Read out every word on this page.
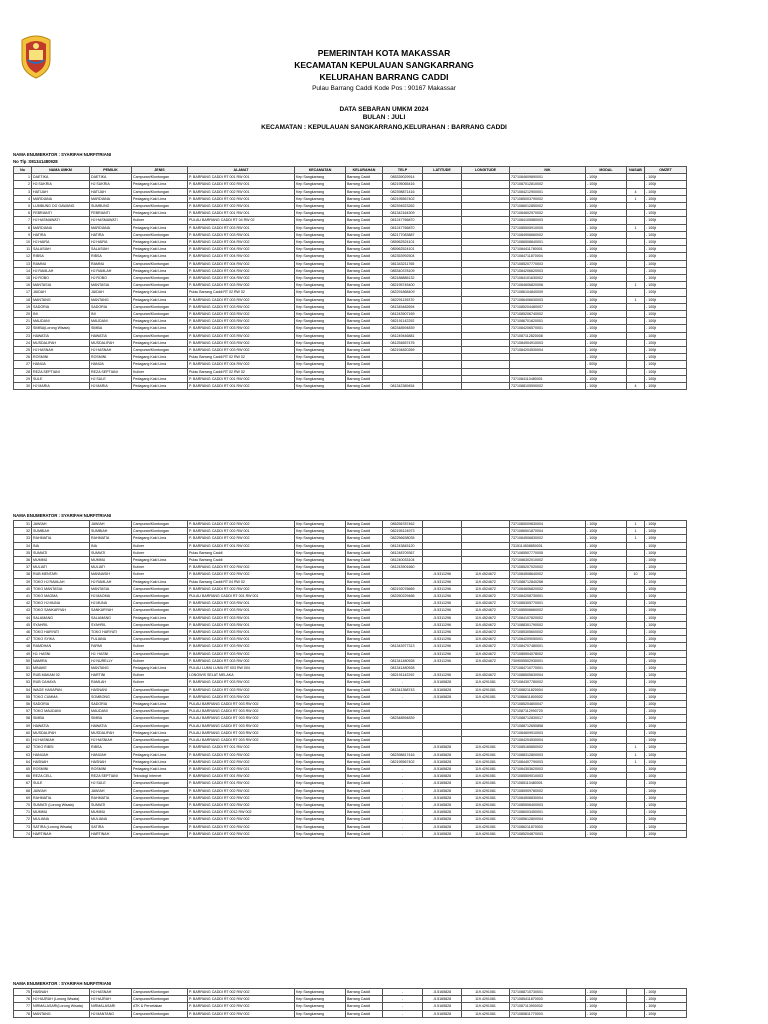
PEMERINTAH KOTA MAKASSAR
KECAMATAN KEPULAUAN SANGKARRANG
KELURAHAN BARRANG CADDI
Pulau Barrang Caddi Kode Pos : 90167 Makassar
DATA SEBARAN UMKM 2024
BULAN : JULI
KECAMATAN : KEPULAUAN SANGKARRANG,KELURAHAN : BARRANG CADDI
NAMA ENUMERATOR : SYARIFAH NURFITRIANI
No Tlp :081341480928
No	NAMA UMKM	PEMILIK	JENIS	ALAMAT	KECAMATAN	KELURAHAN	TELP	LATITUDE	LONGITUDE	NIK	MODAL	NASAB	OMZET
1	DAETIKA	DAETIKA	Campuran/Klontongan	P. BARRANG CADDI RT 001 RW 001	Kep Sangkarrang	Barrang Caddi	085339029914			7371084609890001	- 100jt		- 100jt
2	HJ SUKRIA	HJ SUKRIA	Pedagang Kaki Lima	P. BARRANG CADDI RT 002 RW 001	Kep Sangkarrang	Barrang Caddi	082195065416			7371087012810002	- 100jt		- 100jt
3	HATIJAH	HATIJAH	Campuran/Klontongan	P. BARRANG CADDI RT 002 RW 001	Kep Sangkarrang	Barrang Caddi	082398871416			7371084212900001	- 100jt	4	- 100jt
4	MARDIANA	MARDIANA	Pedagang Kaki Lima	P. BARRANG CADDI RT 002 RW 001	Kep Sangkarrang	Barrang Caddi	082195567402			7371085003790002	- 100jt	1	- 100jt
5	LUMBUNG DG GAWANG	SUMBUNG	Campuran/Klontongan	P. BARRANG CADDI RT 002 RW 001	Kep Sangkarrang	Barrang Caddi	082394523262			7371086012850002	- 100jt		- 100jt
6	FEBRIANTI	FEBRIANTI	Pedagang Kaki Lima	P. BARRANG CADDI RT 001 RW 001	Kep Sangkarrang	Barrang Caddi	081342164309			7371084602970002	- 100jt		- 100jt
7	HJ HASMAWATI	HJ HASMAWATI	Kuliner	PULAU BARRANG CADDI RT 04 RW 02	Kep Sangkarrang	Barrang Caddi	081247766870			7371084105580003	- 100jt		- 100jt
8	MARDIANA	MARDIANA	Pedagang Kaki Lima	P. BARRANG CADDI RT 003 RW 001	Kep Sangkarrang	Barrang Caddi	081247766870			7371085505910005	- 100jt	1	- 100jt
9	HATIRA	HATIRA	Campuran/Klontongan	P. BARRANG CADDI RT 003 RW 001	Kep Sangkarrang	Barrang Caddi	082177083887			7371084906660002	- 100jt		- 100jt
10	HJ HAIRA	HJ HAIRA	Pedagang Kaki Lima	P. BARRANG CADDI RT 004 RW 002	Kep Sangkarrang	Barrang Caddi	085962524101			7371086508840001	- 100jt		- 100jt
11	SALASIAH	SALASIAH	Pedagang Kaki Lima	P. BARRANG CADDI RT 004 RW 002	Kep Sangkarrang	Barrang Caddi	085962524101			7371084411780001	- 100jt		- 100jt
12	RIBSA	RIBSA	Pedagang Kaki Lima	P. BARRANG CADDI RT 004 RW 002	Kep Sangkarrang	Barrang Caddi	082353992504			7371084711870004	- 100jt		- 100jt
13	RAMNU	RAMNU	Campuran/Klontongan	P. BARRANG CADDI RT 004 RW 002	Kep Sangkarrang	Barrang Caddi	081343211765			7371085207770003	- 100jt		- 100jt
14	HJ RAMLAH	HJ RAMLAH	Pedagang Kaki Lima	P. BARRANG CADDI RT 004 RW 002	Kep Sangkarrang	Barrang Caddi	085340378109			7371084206620003	- 100jt		- 100jt
15	HJ ROBO	HJ ROBO	Campuran/Klontongan	P. BARRANG CADDI RT 004 RW 002	Kep Sangkarrang	Barrang Caddi	082188886132			7371084101630002	- 100jt		- 100jt
16	MANTASIA	MANTASIA	Campuran/Klontongan	P. BARRANG CADDI RT 003 RW 002	Kep Sangkarrang	Barrang Caddi	082195745400			7371084606820006	- 100jt	1	- 100jt
17	JAIDAH	JAIDAH	Pedagang Kaki Lima	Pulau Barrang Caddi RT 02 RW 02	Kep Sangkarrang	Barrang Caddi	082291868409			7371086104840009	- 100jt		- 100jt
18	MANTANG	MANTANG	Pedagang Kaki Lima	P. BARRANG CADDI RT 003 RW 002	Kep Sangkarrang	Barrang Caddi	082291139370			7371086406630003	- 100jt	1	- 100jt
19	SADORIA	SADORIA	Campuran/Klontongan	P. BARRANG CADDI RT 003 RW 002	Kep Sangkarrang	Barrang Caddi	081345482694			7371085204480007	- 100jt		- 100jt
20	INI	INI	Campuran/Klontongan	P. BARRANG CADDI RT 003 RW 002	Kep Sangkarrang	Barrang Caddi	081243907169			7371085206740002	- 100jt		- 100jt
21	MAUDANI	MAUDANI	Pedagang Kaki Lima	P. BARRANG CADDI RT 003 RW 002	Kep Sangkarrang	Barrang Caddi	082191142292			7371086701620001	- 100jt		- 100jt
22	SIMBA(Lorong Wisata)	SIMBA	Pedagang Kaki Lima	P. BARRANG CADDI RT 003 RW 002	Kep Sangkarrang	Barrang Caddi	082348594839			7371084206570001	- 100jt		- 100jt
23	HAWATIA	HAWATIA	Campuran/Klontongan	P. BARRANG CADDI RT 003 RW 002	Kep Sangkarrang	Barrang Caddi	081249446881			7371087112820008	- 100jt		- 100jt
24	MUSDALIFAH	MUSDALIFAH	Pedagang Kaki Lima	P. BARRANG CADDI RT 003 RW 002	Kep Sangkarrang	Barrang Caddi	081254657476			7371084904910003	- 100jt		- 100jt
25	HJ HASNAH	HJ HASNAH	Campuran/Klontongan	P. BARRANG CADDI RT 003 RW 002	Kep Sangkarrang	Barrang Caddi	082194820269			7371084204530004	- 100jt		- 100jt
26	ROSMINI	ROSMINI	Pedagang Kaki Lima	Pulau Barrang Caddi RT 02 RW 02	Kep Sangkarrang	Barrang Caddi					- 100jt		- 100jt
27	HANIJA	HANIJA	Pedagang Kaki Lima	P. BARRANG CADDI RT 004 RW 002	Kep Sangkarrang	Barrang Caddi					- 500jt		- 100jt
28	REZA SEPTIANI	REZA SEPTIANI	Kuliner	Pulau Barrang Caddi RT 02 RW 02	Kep Sangkarrang	Barrang Caddi					- 500jt		- 100jt
29	SULE	HJ SULE	Pedagang Kaki Lima	P. BARRANG CADDI RT 001 RW 002	Kep Sangkarrang	Barrang Caddi				7371084110480001	- 100jt		- 100jt
30	HJ MARIA	HJ MARIA	Pedagang Kaki Lima	P. BARRANG CADDI RT 001 RW 002	Kep Sangkarrang	Barrang Caddi	081342389454			7371088105590002	- 100jt	4	- 100jt
NAMA ENUMERATOR : SYARIFAH NURFITRIANI
31	JAWIAH	JAWIAH	Campuran/Klontongan	P. BARRANG CADDI RT 002 RW 002	Kep Sangkarrang	Barrang Caddi	085256787462			7371085009830004	- 100jt	1	- 100jt
32	SUMBIAH	SUMBIAH	Campuran/Klontongan	P. BARRANG CADDI RT 002 RW 001	Kep Sangkarrang	Barrang Caddi	082195124973			7371086501870004	- 100jt	1	- 100jt
33	RAHMATIA	RAHMATIA	Pedagang Kaki Lima	P. BARRANG CADDI RT 002 RW 002	Kep Sangkarrang	Barrang Caddi	082256638035			7371084506830002	- 100jt	1	- 100jt
34	INA	INA	Kuliner	P. BARRANG CADDI RT 001 RW 002	Kep Sangkarrang	Barrang Caddi	081243845120			7315114508850001	- 100jt		- 100jt
35	SUMIATI	SUMIATI	Kuliner	Pulau Barrang Caddi	Kep Sangkarrang	Barrang Caddi	081248709367			7371085507770005	- 100jt		- 100jt
36	MUMMU	MUMMU	Pedagang Kaki Lima	Pulau Barrang Caddi	Kep Sangkarrang	Barrang Caddi	081240033104			7371086302010002	- 100jt		- 100jt
37	MULIATI	MULIATI	Kuliner	P. BARRANG CADDI RT 002 RW 002	Kep Sangkarrang	Barrang Caddi	081243901660			7371085207020002	- 100jt		- 100jt
38	RUB MENTARI	MANNASIH	Kuliner	P. BARRANG CADDI RT 002 RW 002	Kep Sangkarrang	Barrang Caddi		-5.5311296	119.4524672	7371084508640002	- 100jt	10	- 100jt
39	TOKO HJ RAMLAH	HJ RAMLAH	Pedagang Kaki Lima	Pulau Barrang Caddi RT 04 RW 02	Kep Sangkarrang	Barrang Caddi		-5.5311296	119.4524672	7371088712840268	- 100jt		- 100jt
40	TOKO MANTASIA	MANTASIA	Campuran/Klontongan	P. BARRANG CADDI RT 002 RW 002	Kep Sangkarrang	Barrang Caddi	082192076669	-5.5311296	119.4524672	7371084606820002	- 100jt		- 100jt
41	TOKO MAOMA	HJ MAOMA	Campuran/Klontongan	PULAU BARRANG CADDI RT 001 RW 001	Kep Sangkarrang	Barrang Caddi	082260229466	-5.5311296	119.4524672	7371084208730001	- 100jt		- 100jt
42	TOKO HJ MUNA	HJ MUNA	Campuran/Klontongan	P. BARRANG CADDI RT 003 RW 001	Kep Sangkarrang	Barrang Caddi		-5.5311296	119.4524672	7371085305770001	- 100jt		- 100jt
43	TOKO SANKARYAH	SANKARYAH	Campuran/Klontongan	P. BARRANG CADDI RT 003 RW 001	Kep Sangkarrang	Barrang Caddi		-5.5311296	119.4524672	7371085506660002	- 100jt		- 100jt
44	SALAMANG	SALAMANG	Pedagang Kaki Lima	P. BARRANG CADDI RT 003 RW 001	Kep Sangkarrang	Barrang Caddi		-5.5311296	119.4524672	7371084107820002	- 100jt		- 100jt
45	SYAHRIL	SYAHRIL	Campuran/Klontongan	P. BARRANG CADDI RT 003 RW 001	Kep Sangkarrang	Barrang Caddi		-5.5311296	119.4524672	7371088301790002	- 100jt		- 100jt
46	TOKO HARYATI	TOKO HARYATI	Campuran/Klontongan	P. BARRANG CADDI RT 003 RW 001	Kep Sangkarrang	Barrang Caddi		-5.5311296	119.4524672	7371085305600002	- 100jt		- 100jt
47	TOKO SYIKA	FULIANA	Campuran/Klontongan	P. BARRANG CADDI RT 003 RW 001	Kep Sangkarrang	Barrang Caddi		-5.5311296	119.4524672	7371084209050001	- 100jt		- 100jt
48	RAMDHAN	FARMI	Kuliner	P. BARRANG CADDI RT 003 RW 002	Kep Sangkarrang	Barrang Caddi	081343977313	-5.5311296	119.4524672	7371084707480001	- 100jt		- 100jt
49	HJ. HASNI	HJ. HASNI	Campuran/Klontongan	P. BARRANG CADDI RT 003 RW 002	Kep Sangkarrang	Barrang Caddi		-5.5311296	119.4524672	7371085904078002	- 100jt		- 100jt
50	NAMIRA	HJ NURELLY	Kuliner	P. BARRANG CADDI RT 003 RW 002	Kep Sangkarrang	Barrang Caddi	081341480928	-5.5311296	119.4524672	7309055502930001	- 100jt		- 100jt
51	MINAKE	MANTANG	Pedagang Kaki Lima	PULAU LUMU LUMU RT 003 RW 004	Kep Sangkarrang	Barrang Caddi	081341480928			7371084710770001	- 100jt		- 100jt
52	RUB MAKAM 02	HARTINI	Kuliner	LONGWIS SELAT MELAKA	Kep Sangkarrang	Barrang Caddi	082191142292	-5.5311296	119.4524672	7371088505630004	- 100jt		- 100jt
53	RUB CAHAYA	RAMLAH	Kuliner	P. BARRANG CADDI RT 003 RW 002	Kep Sangkarrang	Barrang Caddi	-	-5.5165828	119.4291081	7371084307780002	- 100jt		- 100jt
54	WAGE HASAPAN	HASNANI	Campuran/Klontongan	P. BARRANG CADDI RT 003 RW 002	Kep Sangkarrang	Barrang Caddi	081341368743	-5.5165828	119.4291081	7371088211820004	- 100jt		- 100jt
55	TOKO CUMMA	SOMBONG	Campuran/Klontongan	P. BARRANG CADDI RT 003 RW 002	Kep Sangkarrang	Barrang Caddi	-	-5.5165828	119.4291081	7371086611800002	- 100jt		- 100jt
56	SADORIA	SADORIA	Pedagang Kaki Lima	PULAU BARRANG CADDI RT 003 RW 002	Kep Sangkarrang	Barrang Caddi				7371085204800047	- 100jt		- 100jt
57	TOKO MAUDANI	MAUDANI	Campuran/Klontongan	PULAU BARRANG CADDI RT 003 RW 002	Kep Sangkarrang	Barrang Caddi				7371087112990720	- 100jt		- 100jt
58	SIMBA	SIMBA	Campuran/Klontongan	PULAU BARRANG CADDI RT 003 RW 002	Kep Sangkarrang	Barrang Caddi	082348594839			7371088712830017	- 100jt		- 100jt
59	HAWATIA	HAWATIA	Campuran/Klontongan	PULAU BARRANG CADDI RT 003 RW 002	Kep Sangkarrang	Barrang Caddi				7371088712650858	- 100jt		- 100jt
60	MUSDALIFAH	MUSDALIFAH	Pedagang Kaki Lima	PULAU BARRANG CADDI RT 003 RW 002	Kep Sangkarrang	Barrang Caddi				7371084609910003	- 100jt		- 100jt
61	HJ HASNIAH	HJ HASNIAH	Campuran/Klontongan	PULAU BARRANG CADDI RT 003 RW 002	Kep Sangkarrang	Barrang Caddi				7371084204530004	- 100jt		- 100jt
62	TOKO RIBSI	RIBSA	Campuran/Klontongan	P. BARRANG CADDI RT 001 RW 002	Kep Sangkarrang	Barrang Caddi		-5.5165828	119.4291081	7371085165850002	- 100jt	1	- 100jt
63	HANIJAH	HANIJAH	Pedagang Kaki Lima	P. BARRANG CADDI RT 002 RW 002	Kep Sangkarrang	Barrang Caddi	082398817416	-5.5165828	119.4291081	7371088312800003	- 100jt	1	- 100jt
64	HASNAH	HASNAH	Pedagang Kaki Lima	P. BARRANG CADDI RT 002 RW 002	Kep Sangkarrang	Barrang Caddi	082195567402	-5.5165828	119.4291081	7371084407790003	- 100jt	1	- 100jt
65	ROSMINI	ROSMINI	Pedagang Kaki Lima	P. BARRANG CADDI RT 002 RW 021	Kep Sangkarrang	Barrang Caddi	-	-5.5165828	119.4291081	7371084303620003	- 100jt		- 100jt
66	REZA CELL	REZA SEPTIANI	Teknologi Internet	P. BARRANG CADDI RT 001 RW 002	Kep Sangkarrang	Barrang Caddi	-	-5.5165828	119.4291081	7371085509010003	- 100jt		- 100jt
67	SULE	HJ SULE	Campuran/Klontongan	P. BARRANG CADDI RT 001 RW 002	Kep Sangkarrang	Barrang Caddi	-	-5.5165828	119.4291081	7371085110480001	- 100jt		- 100jt
68	JAWIAH	JAWIAH	Campuran/Klontongan	P. BARRANG CADDI RT 002 RW 002	Kep Sangkarrang	Barrang Caddi	-	-5.5165828	119.4291081	7371085909780002	- 100jt		- 100jt
69	RAHMATIA	RAHMATIA	Campuran/Klontongan	P. BARRANG CADDI RT 002 RW 002	Kep Sangkarrang	Barrang Caddi	-	-5.5165828	119.4291081	7371084506830004	- 100jt		- 100jt
70	SUMIATI (Lorong Wisata)	SUMIATI	Campuran/Klontongan	P. BARRANG CADDI RT 002 RW 002	Kep Sangkarrang	Barrang Caddi	-	-5.5165828	119.4291081	7371085506400003	- 100jt		- 100jt
71	MUMMU	MUMMU	Campuran/Klontongan	P. BARRANG CADDI RT 0012 RW 002	Kep Sangkarrang	Barrang Caddi	-	-5.5165828	119.4291081	7371086003450001	- 100jt		- 100jt
72	MULIANA	MULIANA	Campuran/Klontongan	P. BARRANG CADDI RT 002 RW 002	Kep Sangkarrang	Barrang Caddi	-	-5.5165828	119.4291081	7371085612800004	- 100jt		- 100jt
73	SATIRA (Lorong Wisata)	SATIRA	Campuran/Klontongan	P. BARRANG CADDI RT 002 RW 002	Kep Sangkarrang	Barrang Caddi	-	-5.5165828	119.4291081	7371086211870003	- 100jt		- 100jt
74	HARTINAH	HARTINAH	Campuran/Klontongan	P. BARRANG CADDI RT 002 RW 002	Kep Sangkarrang	Barrang Caddi	-	-5.5165828	119.4291081	7371085204870003	- 100jt		- 100jt
NAMA ENUMERATOR : SYARIFAH NURFITRIANI
75	HASNAH	HJ HASNAH	Campuran/Klontongan	P. BARRANG CADDI RT 002 RW 002	Kep Sangkarrang	Barrang Caddi	-	-5.5165828	119.4291081	7371088710730001	- 100jt		- 100jt
76	HJ HAJRAH (Lorong Wisata)	HJ HAJRAH	Campuran/Klontongan	P. BARRANG CADDI RT 002 RW 002	Kep Sangkarrang	Barrang Caddi	-	-5.5165828	119.4291081	7371085411870003	- 100jt		- 100jt
77	NIRMALASARI(Lorong Wisata)	NIRMALASARI	ATK & Percetakan	P. BARRANG CADDI RT 002 RW 002	Kep Sangkarrang	Barrang Caddi	-	-5.5165828	119.4291081	7371087113900002	- 100jt		- 100jt
78	MANTANG	HJ MANTANG	Campuran/Klontongan	P. BARRANG CADDI RT 002 RW 002	Kep Sangkarrang	Barrang Caddi	-	-5.5165828	119.4291081	7371085811770003	- 100jt		- 100jt
